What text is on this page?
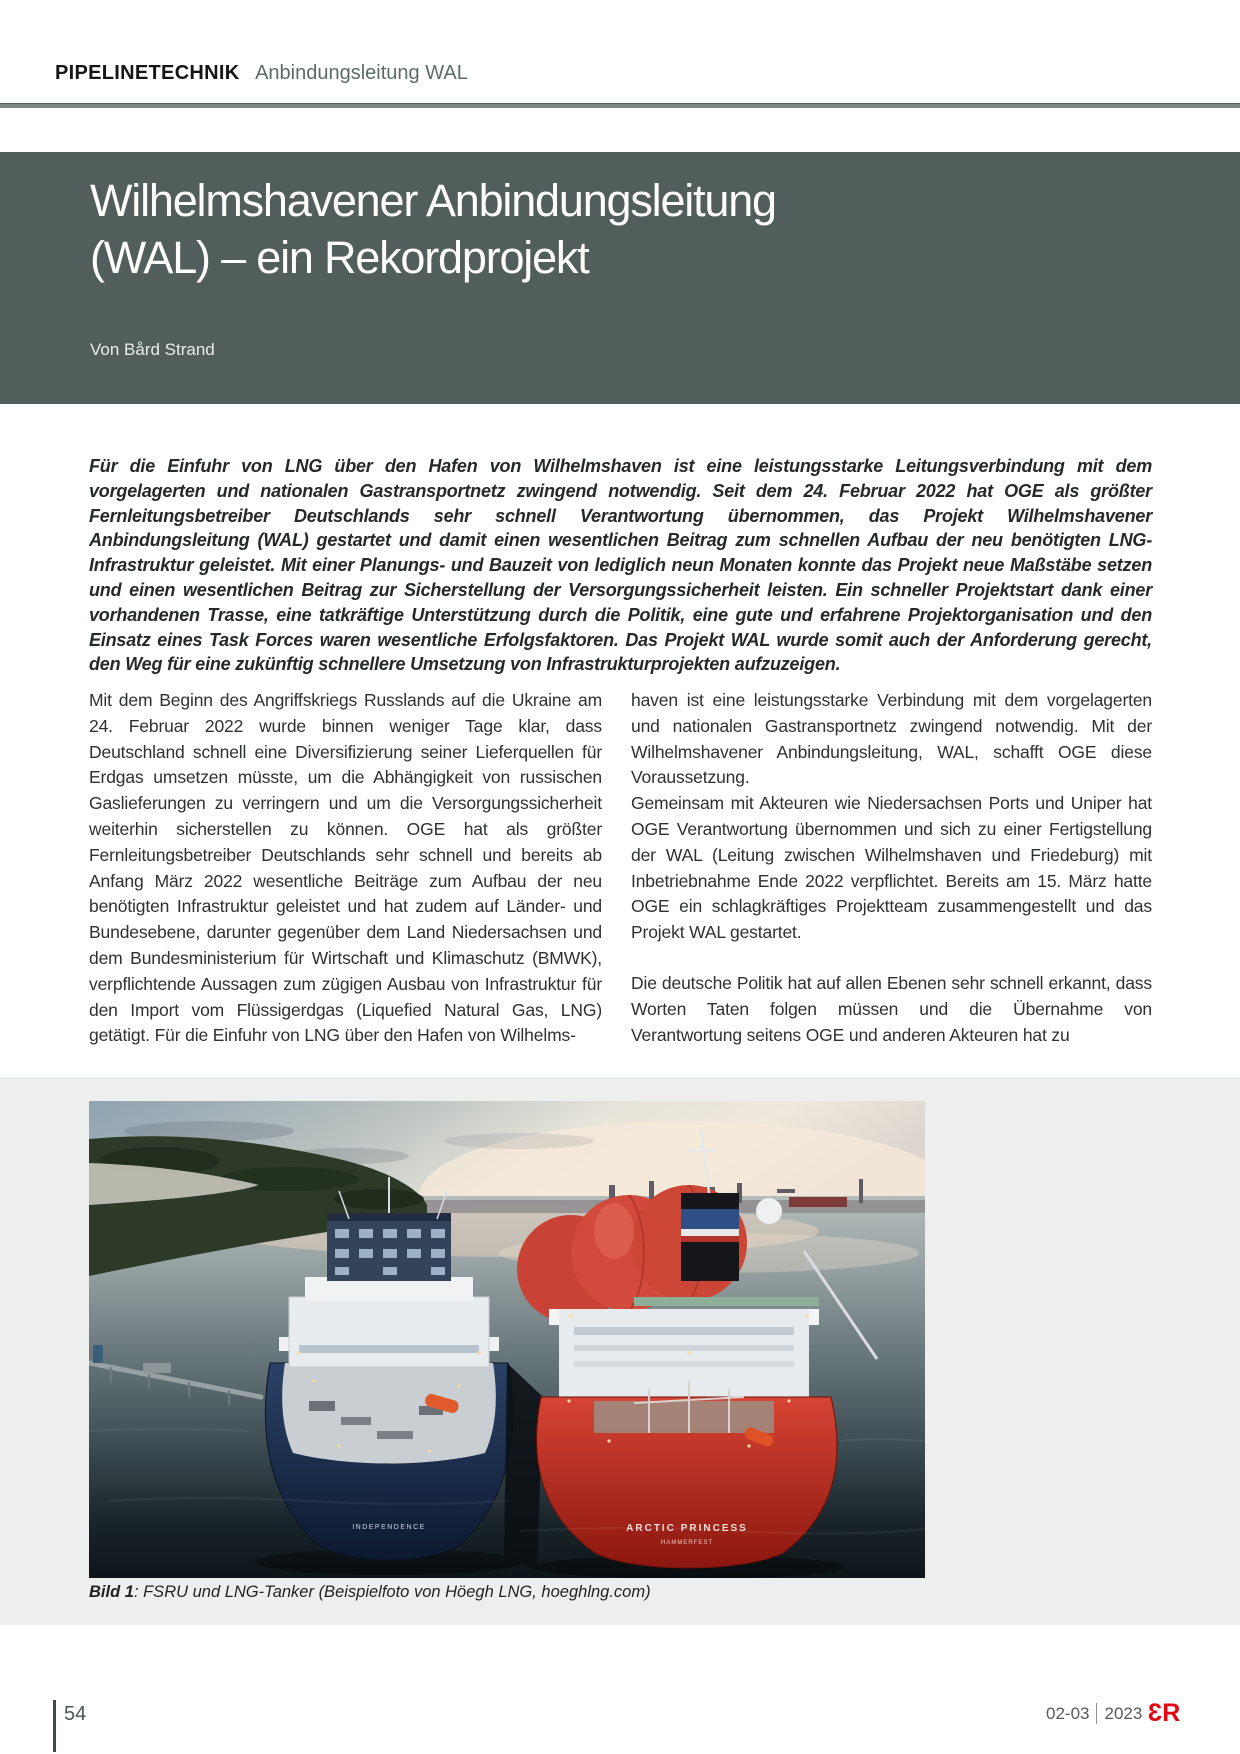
PIPELINETECHNIK Anbindungsleitung WAL
Wilhelmshavener Anbindungsleitung
(WAL) – ein Rekordprojekt
Von Bård Strand

Für die Einfuhr von LNG über den Hafen von Wilhelmshaven ist eine leistungsstarke Leitungsverbindung mit dem vorgelagerten und nationalen Gastransportnetz zwingend notwendig. Seit dem 24. Februar 2022 hat OGE als größter Fernleitungsbetreiber Deutschlands sehr schnell Verantwortung übernommen, das Projekt Wilhelmshavener Anbindungsleitung (WAL) gestartet und damit einen wesentlichen Beitrag zum schnellen Aufbau der neu benötigten LNG-Infrastruktur geleistet. Mit einer Planungs- und Bauzeit von lediglich neun Monaten konnte das Projekt neue Maßstäbe setzen und einen wesentlichen Beitrag zur Sicherstellung der Versorgungssicherheit leisten. Ein schneller Projektstart dank einer vorhandenen Trasse, eine tatkräftige Unterstützung durch die Politik, eine gute und erfahrene Projektorganisation und den Einsatz eines Task Forces waren wesentliche Erfolgsfaktoren. Das Projekt WAL wurde somit auch der Anforderung gerecht, den Weg für eine zukünftig schnellere Umsetzung von Infrastrukturprojekten aufzuzeigen.

Mit dem Beginn des Angriffskriegs Russlands auf die Ukraine am 24. Februar 2022 wurde binnen weniger Tage klar, dass Deutschland schnell eine Diversifizierung seiner Lieferquellen für Erdgas umsetzen müsste, um die Abhängigkeit von russischen Gaslieferungen zu verringern und um die Versorgungssicherheit weiterhin sicherstellen zu können. OGE hat als größter Fernleitungsbetreiber Deutschlands sehr schnell und bereits ab Anfang März 2022 wesentliche Beiträge zum Aufbau der neu benötigten Infrastruktur geleistet und hat zudem auf Länder- und Bundesebene, darunter gegenüber dem Land Niedersachsen und dem Bundesministerium für Wirtschaft und Klimaschutz (BMWK), verpflichtende Aussagen zum zügigen Ausbau von Infrastruktur für den Import vom Flüssigerdgas (Liquefied Natural Gas, LNG) getätigt. Für die Einfuhr von LNG über den Hafen von Wilhelms-

haven ist eine leistungsstarke Verbindung mit dem vorgelagerten und nationalen Gastransportnetz zwingend notwendig. Mit der Wilhelmshavener Anbindungsleitung, WAL, schafft OGE diese Voraussetzung.

Gemeinsam mit Akteuren wie Niedersachsen Ports und Uniper hat OGE Verantwortung übernommen und sich zu einer Fertigstellung der WAL (Leitung zwischen Wilhelmshaven und Friedeburg) mit Inbetriebnahme Ende 2022 verpflichtet. Bereits am 15. März hatte OGE ein schlagkräftiges Projektteam zusammengestellt und das Projekt WAL gestartet.

Die deutsche Politik hat auf allen Ebenen sehr schnell erkannt, dass Worten Taten folgen müssen und die Übernahme von Verantwortung seitens OGE und anderen Akteuren hat zu

INDEPENDENCE	ARCTIC PRINCESS
HAMMERFEST
Bild 1: FSRU und LNG-Tanker (Beispielfoto von Höegh LNG, hoeghlng.com)
54	02-03 2023 3 R
